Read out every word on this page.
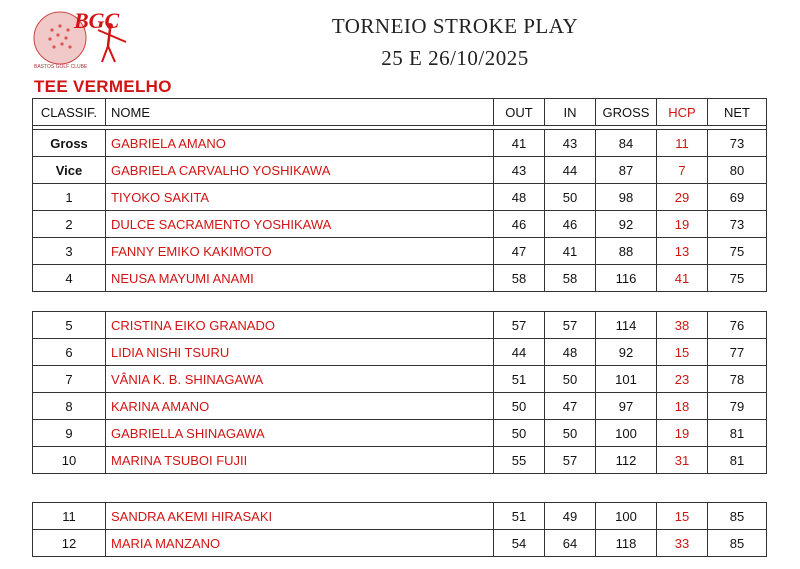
BGC
BASTOS GOLF CLUBE
TORNEIO STROKE PLAY
25 E 26/10/2025
TEE VERMELHO
CLASSIF.	NOME	OUT	IN	GROSS	HCP	NET

Gross	GABRIELA AMANO	41	43	84	11	73
Vice	GABRIELA CARVALHO YOSHIKAWA	43	44	87	7	80
1	TIYOKO SAKITA	48	50	98	29	69
2	DULCE SACRAMENTO YOSHIKAWA	46	46	92	19	73
3	FANNY EMIKO KAKIMOTO	47	41	88	13	75
4	NEUSA MAYUMI ANAMI	58	58	116	41	75
5	CRISTINA EIKO GRANADO	57	57	114	38	76
6	LIDIA NISHI TSURU	44	48	92	15	77
7	VÂNIA K. B. SHINAGAWA	51	50	101	23	78
8	KARINA AMANO	50	47	97	18	79
9	GABRIELLA SHINAGAWA	50	50	100	19	81
10	MARINA TSUBOI FUJII	55	57	112	31	81
11	SANDRA AKEMI HIRASAKI	51	49	100	15	85
12	MARIA MANZANO	54	64	118	33	85
